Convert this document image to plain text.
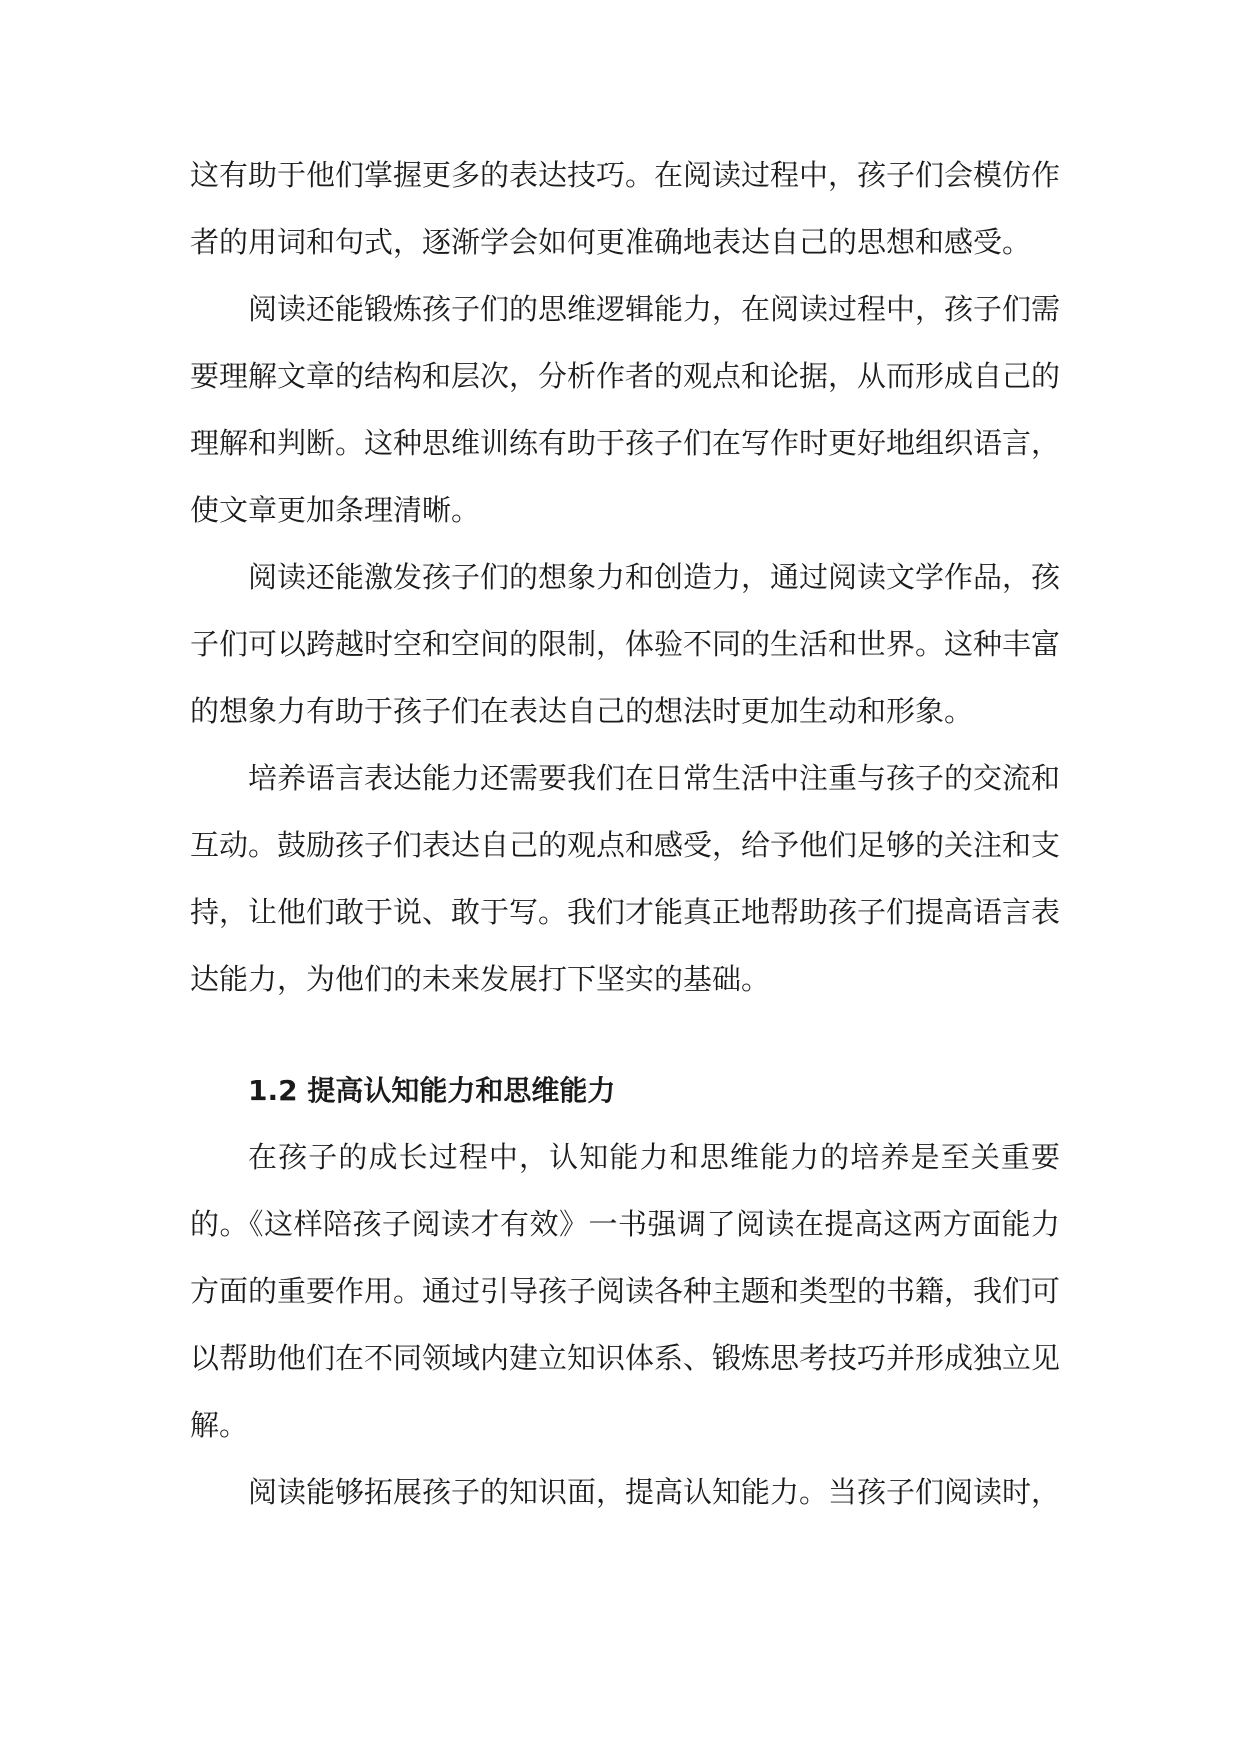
这有助于他们掌握更多的表达技巧。在阅读过程中，孩子们会模仿作者的用词和句式，逐渐学会如何更准确地表达自己的思想和感受。

阅读还能锻炼孩子们的思维逻辑能力，在阅读过程中，孩子们需要理解文章的结构和层次，分析作者的观点和论据，从而形成自己的理解和判断。这种思维训练有助于孩子们在写作时更好地组织语言，使文章更加条理清晰。

阅读还能激发孩子们的想象力和创造力，通过阅读文学作品，孩子们可以跨越时空和空间的限制，体验不同的生活和世界。这种丰富的想象力有助于孩子们在表达自己的想法时更加生动和形象。

培养语言表达能力还需要我们在日常生活中注重与孩子的交流和互动。鼓励孩子们表达自己的观点和感受，给予他们足够的关注和支持，让他们敢于说、敢于写。我们才能真正地帮助孩子们提高语言表达能力，为他们的未来发展打下坚实的基础。

1.2 提高认知能力和思维能力

在孩子的成长过程中，认知能力和思维能力的培养是至关重要的。《这样陪孩子阅读才有效》一书强调了阅读在提高这两方面能力方面的重要作用。通过引导孩子阅读各种主题和类型的书籍，我们可以帮助他们在不同领域内建立知识体系、锻炼思考技巧并形成独立见解。

阅读能够拓展孩子的知识面，提高认知能力。当孩子们阅读时，
